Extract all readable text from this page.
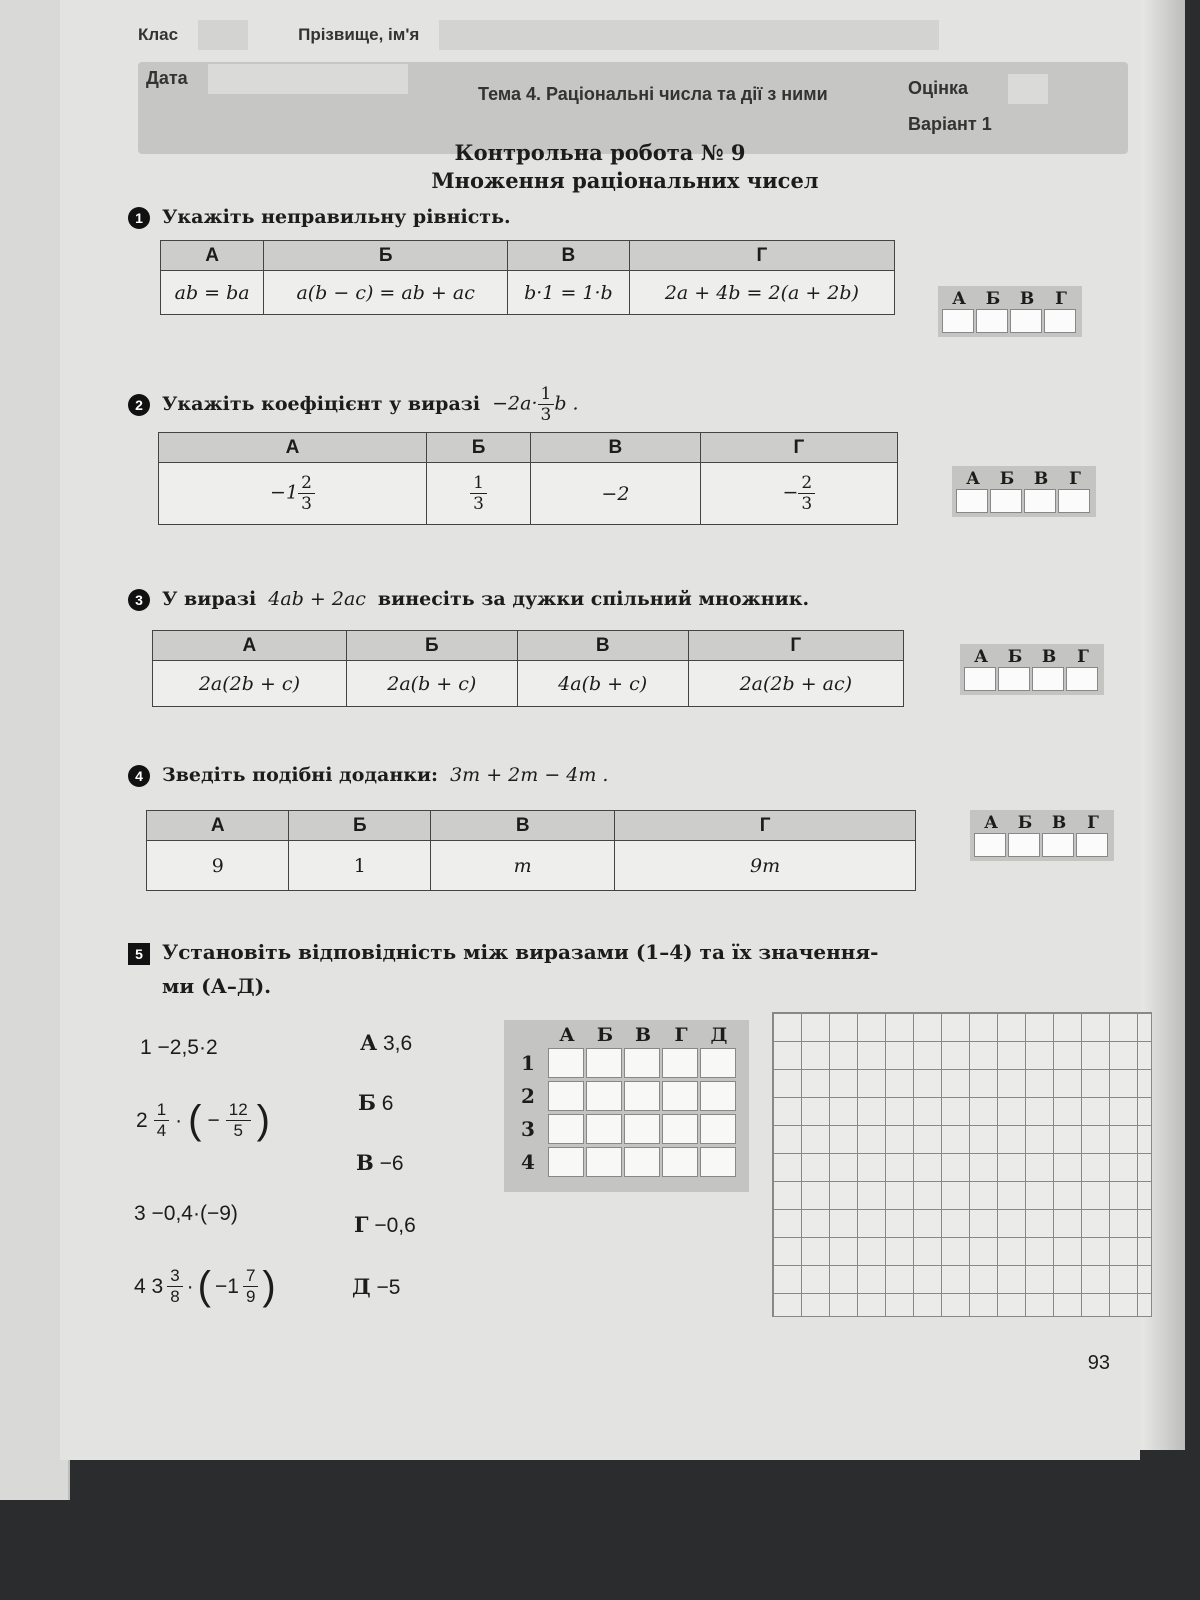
Клас	Прізвище, ім'я
Дата
Тема 4. Раціональні числа та дії з ними	Оцінка
Варіант 1
Контрольна робота № 9
Множення раціональних чисел
1	Укажіть неправильну рівність.
А	Б	В	Г
ab = ba	a(b − c) = ab + ac	b·1 = 1·b	2a + 4b = 2(a + 2b)	А	Б	В	Г
2	Укажіть коефіцієнт у виразі $-2a\cdot \frac{1}{3}$ b .
А	Б	В	Г
$-1 \frac{2}{3}$	$\frac{1}{3}$	−2	− $\frac{2}{3}$	А	Б	В	Г
3	У виразі 4ab + 2ac винесіть за дужки спільний множник.
А	Б	В	Г
2a(2b + c)	2a(b + c)	4a(b + c)	2a(2b + ac)
А	Б	В	Г
4	Зведіть подібні доданки: 3m + 2m − 4m .
А	Б	В	Г
9	1	m	9m
А	Б	В	Г
5 Установіть відповідність між виразами (1–4) та їх значення-
ми (А–Д).
1 −2,5·2
$2 \frac{1}{4}$ · ( − $\frac{12}{5}$ )
3 −0,4·(−9)
4 $3 \frac{3}{8}$ · ( $-1 \frac{7}{9}$ )
А 3,6
Б 6
В −6
Г −0,6
Д −5
А	Б	В	Г	Д
1
2
3
4
93
